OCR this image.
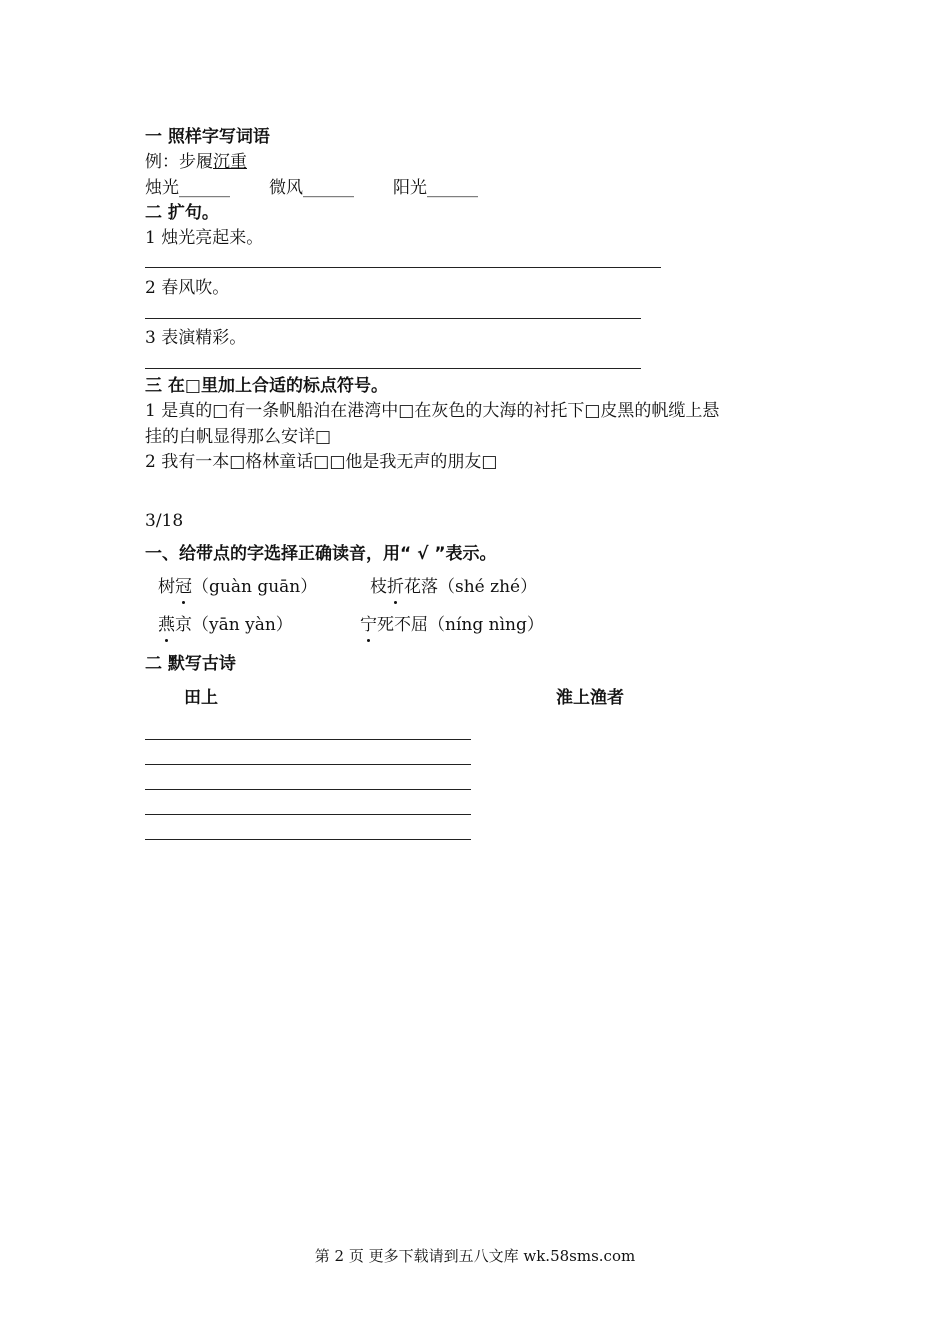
一 照样字写词语
例：步履沉重
烛光______ 微风______ 阳光______
二 扩句。
1 烛光亮起来。
2 春风吹。
3 表演精彩。
三 在□里加上合适的标点符号。
1 是真的□有一条帆船泊在港湾中□在灰色的大海的衬托下□皮黑的帆缆上悬
挂的白帆显得那么安详□
2 我有一本□格林童话□□他是我无声的朋友□
3/18
一、给带点的字选择正确读音，用“ √ ”表示。
树冠（guàn guān）	枝折花落（shé zhé）
燕京（yān yàn）	宁死不屈（níng nìng）
二 默写古诗
田上	淮上渔者
第 2 页 更多下载请到五八文库 wk.58sms.com
